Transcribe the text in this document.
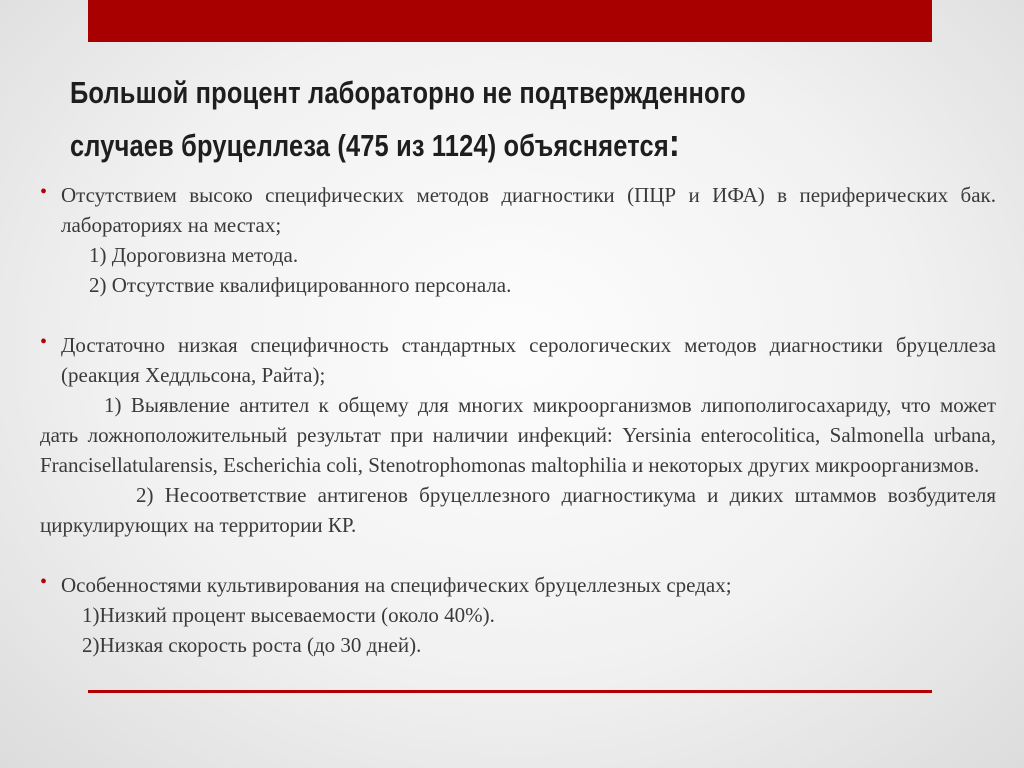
Большой процент лабораторно не подтвержденного
случаев бруцеллеза (475 из 1124) объясняется:
• Отсутствием высоко специфических методов диагностики (ПЦР и ИФА) в периферических бак. лабораториях на местах;
1) Дороговизна метода.
2) Отсутствие квалифицированного персонала.
• Достаточно низкая специфичность стандартных серологических методов диагностики бруцеллеза (реакция Хеддльсона, Райта);
1) Выявление антител к общему для многих микроорганизмов липополигосахариду, что может дать ложноположительный результат при наличии инфекций: Yersinia enterocolitica, Salmonella urbana, Francisellatularensis, Escherichia coli, Stenotrophomonas maltophilia и некоторых других микроорганизмов.
2) Несоответствие антигенов бруцеллезного диагностикума и диких штаммов возбудителя циркулирующих на территории КР.
• Особенностями культивирования на специфических бруцеллезных средах;
1)Низкий процент высеваемости (около 40%).
2)Низкая скорость роста (до 30 дней).
